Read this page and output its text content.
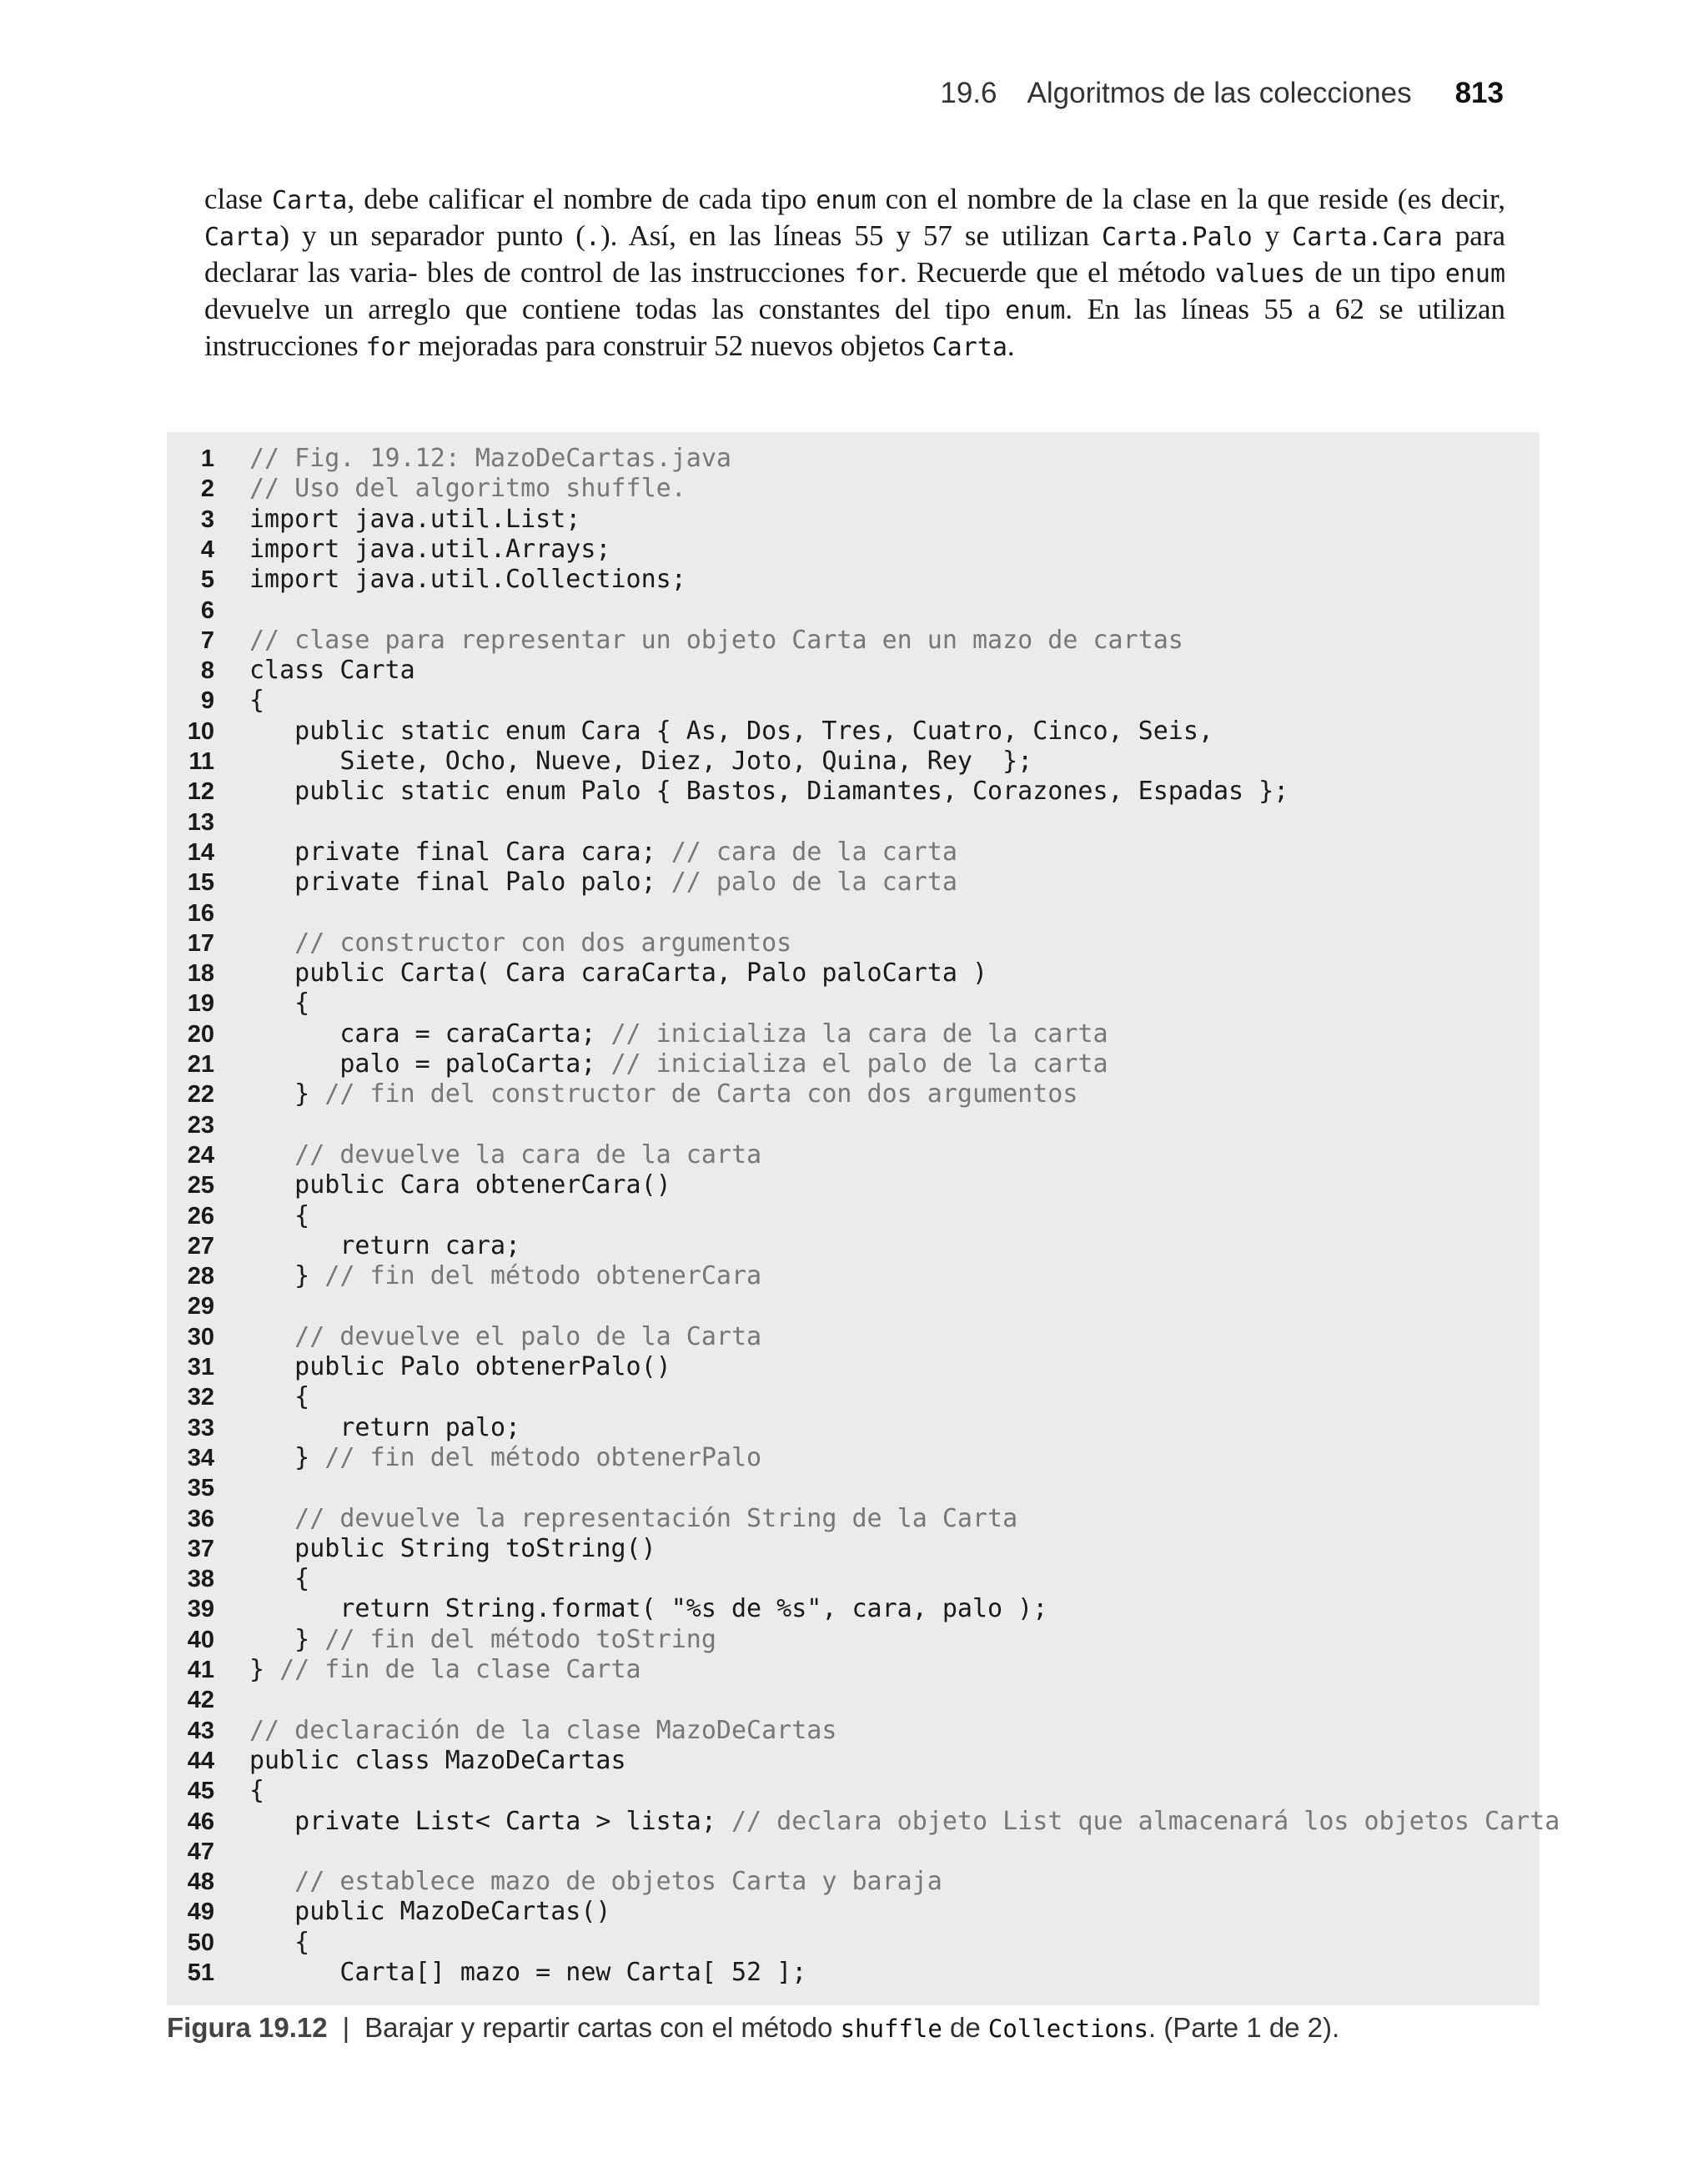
19.6 Algoritmos de las colecciones 813

clase Carta, debe calificar el nombre de cada tipo enum con el nombre de la clase en la que reside (es decir, Carta) y un separador punto (.). Así, en las líneas 55 y 57 se utilizan Carta.Palo y Carta.Cara para declarar las varia- bles de control de las instrucciones for. Recuerde que el método values de un tipo enum devuelve un arreglo que contiene todas las constantes del tipo enum. En las líneas 55 a 62 se utilizan instrucciones for mejoradas para construir 52 nuevos objetos Carta.

1 // Fig. 19.12: MazoDeCartas.java
2 // Uso del algoritmo shuffle.
3 import java.util.List;
4 import java.util.Arrays;
5 import java.util.Collections;
6
7 // clase para representar un objeto Carta en un mazo de cartas
8 class Carta
9 {
10 public static enum Cara { As, Dos, Tres, Cuatro, Cinco, Seis,
11 Siete, Ocho, Nueve, Diez, Joto, Quina, Rey  };
12 public static enum Palo { Bastos, Diamantes, Corazones, Espadas };
13
14 private final Cara cara; // cara de la carta
15 private final Palo palo; // palo de la carta
16
17 // constructor con dos argumentos
18 public Carta( Cara caraCarta, Palo paloCarta )
19 {
20 cara = caraCarta; // inicializa la cara de la carta
21 palo = paloCarta; // inicializa el palo de la carta
22 } // fin del constructor de Carta con dos argumentos
23
24 // devuelve la cara de la carta
25 public Cara obtenerCara()
26 {
27 return cara;
28 } // fin del método obtenerCara
29
30 // devuelve el palo de la Carta
31 public Palo obtenerPalo()
32 {
33 return palo;
34 } // fin del método obtenerPalo
35
36 // devuelve la representación String de la Carta
37 public String toString()
38 {
39 return String.format( "%s de %s", cara, palo );
40 } // fin del método toString
41 } // fin de la clase Carta
42
43 // declaración de la clase MazoDeCartas
44 public class MazoDeCartas
45 {
46 private List< Carta > lista; // declara objeto List que almacenará los objetos Carta
47
48 // establece mazo de objetos Carta y baraja
49 public MazoDeCartas()
50 {
51 Carta[] mazo = new Carta[ 52 ];
Figura 19.12 | Barajar y repartir cartas con el método shuffle de Collections. (Parte 1 de 2).
